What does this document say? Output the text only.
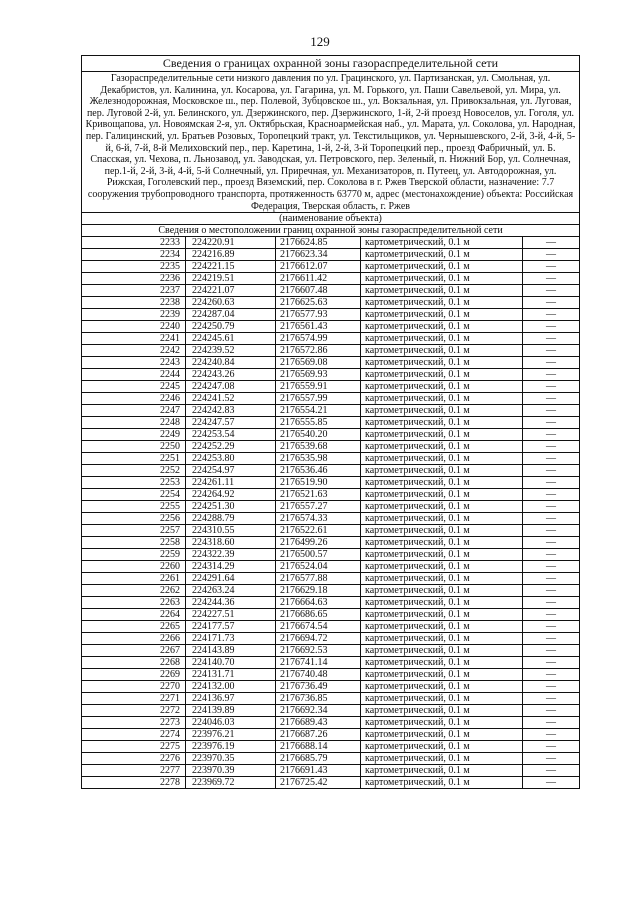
129
Сведения о границах охранной зоны газораспределительной сети				
Газораспределительные сети низкого давления по ул. Грацинского, ул. Партизанская, ул. Смольная, ул. Декабристов, ул. Калинина, ул. Косарова, ул. Гагарина, ул. М. Горького, ул. Паши Савельевой, ул. Мира, ул. Железнодорожная, Московское ш., пер. Полевой, Зубцовское ш., ул. Вокзальная, ул. Привокзальная, ул. Луговая, пер. Луговой 2-й, ул. Белинского, ул. Дзержинского, пер. Дзержинского, 1-й, 2-й проезд Новоселов, ул. Гоголя, ул. Кривощапова, ул. Новоямская 2-я, ул. Октябрьская, Красноармейская наб., ул. Марата, ул. Соколова, ул. Народная, пер. Галицинский, ул. Братьев Розовых, Торопецкий тракт, ул. Текстильщиков, ул. Чернышевского, 2-й, 3-й, 4-й, 5-й, 6-й, 7-й, 8-й Мелиховский пер., пер. Каретина, 1-й, 2-й, 3-й Торопецкий пер., проезд Фабричный, ул. Б. Спасская, ул. Чехова, п. Льнозавод, ул. Заводская, ул. Петровского, пер. Зеленый, п. Нижний Бор, ул. Солнечная, пер.1-й, 2-й, 3-й, 4-й, 5-й Солнечный, ул. Приречная, ул. Механизаторов, п. Путеец, ул. Автодорожная, ул. Рижская, Гоголевский пер., проезд Вяземский, пер. Соколова в г. Ржев Тверской области, назначение: 7.7 сооружения трубопроводного транспорта, протяженность 63770 м, адрес (местонахождение) объекта: Российская Федерация, Тверская область, г. Ржев				
(наименование объекта)				
Сведения о местоположении границ охранной зоны газораспределительной сети				
2233	224220.91	2176624.85	картометрический, 0.1 м	—
2234	224216.89	2176623.34	картометрический, 0.1 м	—
2235	224221.15	2176612.07	картометрический, 0.1 м	—
2236	224219.51	2176611.42	картометрический, 0.1 м	—
2237	224221.07	2176607.48	картометрический, 0.1 м	—
2238	224260.63	2176625.63	картометрический, 0.1 м	—
2239	224287.04	2176577.93	картометрический, 0.1 м	—
2240	224250.79	2176561.43	картометрический, 0.1 м	—
2241	224245.61	2176574.99	картометрический, 0.1 м	—
2242	224239.52	2176572.86	картометрический, 0.1 м	—
2243	224240.84	2176569.08	картометрический, 0.1 м	—
2244	224243.26	2176569.93	картометрический, 0.1 м	—
2245	224247.08	2176559.91	картометрический, 0.1 м	—
2246	224241.52	2176557.99	картометрический, 0.1 м	—
2247	224242.83	2176554.21	картометрический, 0.1 м	—
2248	224247.57	2176555.85	картометрический, 0.1 м	—
2249	224253.54	2176540.20	картометрический, 0.1 м	—
2250	224252.29	2176539.68	картометрический, 0.1 м	—
2251	224253.80	2176535.98	картометрический, 0.1 м	—
2252	224254.97	2176536.46	картометрический, 0.1 м	—
2253	224261.11	2176519.90	картометрический, 0.1 м	—
2254	224264.92	2176521.63	картометрический, 0.1 м	—
2255	224251.30	2176557.27	картометрический, 0.1 м	—
2256	224288.79	2176574.33	картометрический, 0.1 м	—
2257	224310.55	2176522.61	картометрический, 0.1 м	—
2258	224318.60	2176499.26	картометрический, 0.1 м	—
2259	224322.39	2176500.57	картометрический, 0.1 м	—
2260	224314.29	2176524.04	картометрический, 0.1 м	—
2261	224291.64	2176577.88	картометрический, 0.1 м	—
2262	224263.24	2176629.18	картометрический, 0.1 м	—
2263	224244.36	2176664.63	картометрический, 0.1 м	—
2264	224227.51	2176686.65	картометрический, 0.1 м	—
2265	224177.57	2176674.54	картометрический, 0.1 м	—
2266	224171.73	2176694.72	картометрический, 0.1 м	—
2267	224143.89	2176692.53	картометрический, 0.1 м	—
2268	224140.70	2176741.14	картометрический, 0.1 м	—
2269	224131.71	2176740.48	картометрический, 0.1 м	—
2270	224132.00	2176736.49	картометрический, 0.1 м	—
2271	224136.97	2176736.85	картометрический, 0.1 м	—
2272	224139.89	2176692.34	картометрический, 0.1 м	—
2273	224046.03	2176689.43	картометрический, 0.1 м	—
2274	223976.21	2176687.26	картометрический, 0.1 м	—
2275	223976.19	2176688.14	картометрический, 0.1 м	—
2276	223970.35	2176685.79	картометрический, 0.1 м	—
2277	223970.39	2176691.43	картометрический, 0.1 м	—
2278	223969.72	2176725.42	картометрический, 0.1 м	—
